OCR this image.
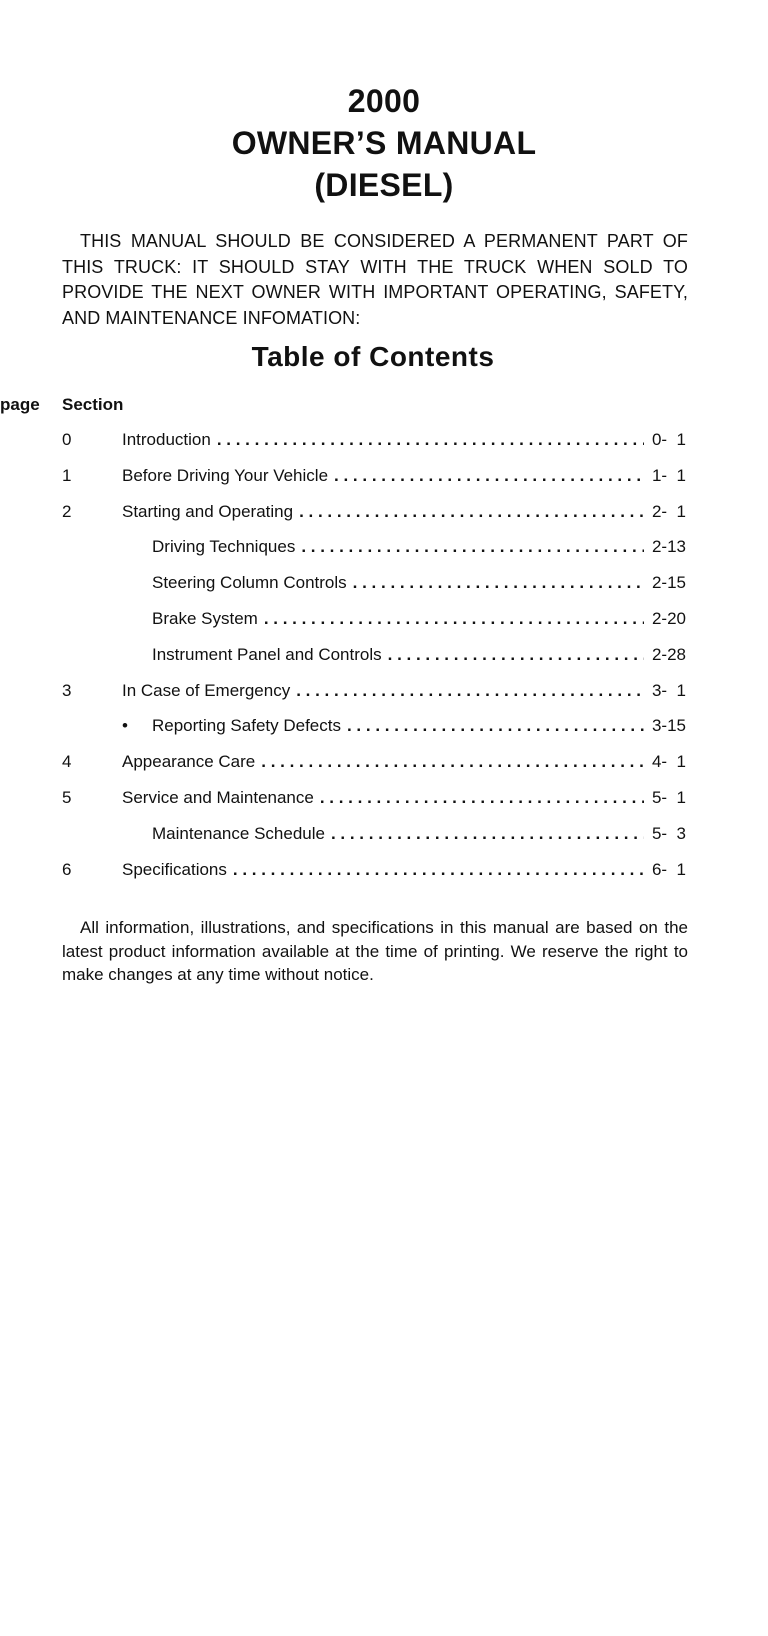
2000
OWNER’S MANUAL
(DIESEL)
THIS MANUAL SHOULD BE CONSIDERED A PERMANENT PART OF THIS TRUCK: IT SHOULD STAY WITH THE TRUCK WHEN SOLD TO PROVIDE THE NEXT OWNER WITH IMPORTANT OPERATING, SAFETY, AND MAINTENANCE INFOMATION:
Table of Contents
Section
page
0	Introduction . . .	0-  1
1	Before Driving Your Vehicle . . .	1-  1
2	Starting and Operating . . .	2-  1
Driving Techniques . . .	2-13
Steering Column Controls . . .	2-15
Brake System . . .	2-20
Instrument Panel and Controls . . .	2-28
3	In Case of Emergency . . .	3-  1
• Reporting Safety Defects . . .	3-15
4	Appearance Care . . .	4-  1
5	Service and Maintenance . . .	5-  1
Maintenance Schedule . . .	5-  3
6	Specifications . . .	6-  1
All information, illustrations, and specifications in this manual are based on the latest product information available at the time of printing. We reserve the right to make changes at any time without notice.
